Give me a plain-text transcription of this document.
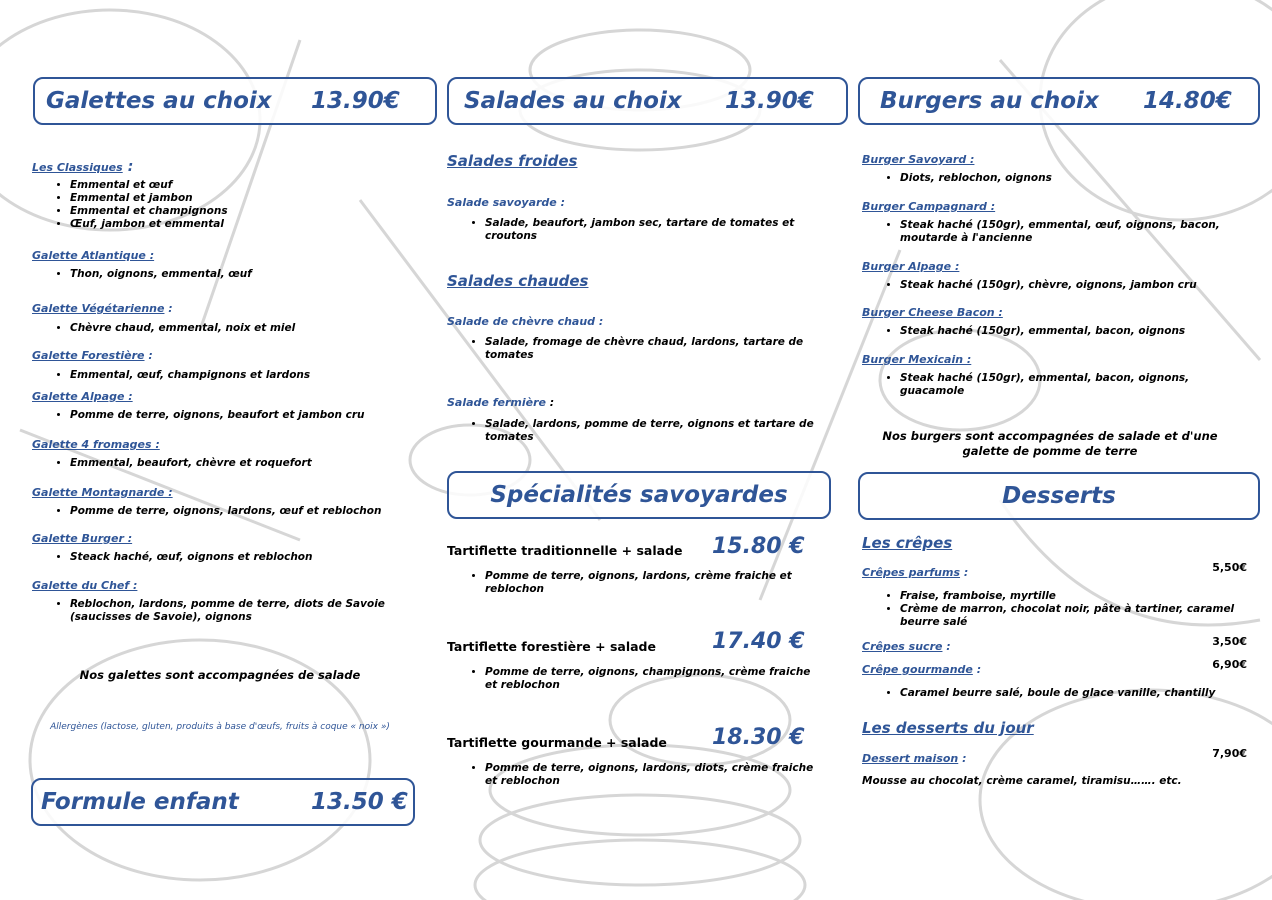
Galettes au choix 13.90€
Les Classiques :
• Emmental et œuf
• Emmental et jambon
• Emmental et champignons
• Œuf, jambon et emmental
Galette Atlantique :
• Thon, oignons, emmental, œuf
Galette Végétarienne :
• Chèvre chaud, emmental, noix et miel
Galette Forestière :
• Emmental, œuf, champignons et lardons
Galette Alpage :
• Pomme de terre, oignons, beaufort et jambon cru
Galette 4 fromages :
• Emmental, beaufort, chèvre et roquefort
Galette Montagnarde :
• Pomme de terre, oignons, lardons, œuf et reblochon
Galette Burger :
• Steack haché, œuf, oignons et reblochon
Galette du Chef :
• Reblochon, lardons, pomme de terre, diots de Savoie (saucisses de Savoie), oignons
Nos galettes sont accompagnées de salade
Allergènes (lactose, gluten, produits à base d'œufs, fruits à coque « noix »)
Formule enfant	13.50 €
Salades au choix 13.90€
Salades froides
Salade savoyarde :
• Salade, beaufort, jambon sec, tartare de tomates et croutons
Salades chaudes
Salade de chèvre chaud :
• Salade, fromage de chèvre chaud, lardons, tartare de tomates
Salade fermière :
• Salade, lardons, pomme de terre, oignons et tartare de tomates
Spécialités savoyardes
Tartiflette traditionnelle + salade 15.80 €
• Pomme de terre, oignons, lardons, crème fraiche et reblochon
Tartiflette forestière + salade	17.40 €
• Pomme de terre, oignons, champignons, crème fraiche et reblochon
Tartiflette gourmande + salade 18.30 €
• Pomme de terre, oignons, lardons, diots, crème fraiche et reblochon
Burgers au choix 14.80€
Burger Savoyard :
• Diots, reblochon, oignons
Burger Campagnard :
• Steak haché (150gr), emmental, œuf, oignons, bacon, moutarde à l'ancienne
Burger Alpage :
• Steak haché (150gr), chèvre, oignons, jambon cru
Burger Cheese Bacon :
• Steak haché (150gr), emmental, bacon, oignons
Burger Mexicain :
• Steak haché (150gr), emmental, bacon, oignons, guacamole
Nos burgers sont accompagnées de salade et d'une galette de pomme de terre
Desserts
Les crêpes
Crêpes parfums :	5,50€
• Fraise, framboise, myrtille
• Crème de marron, chocolat noir, pâte à tartiner, caramel beurre salé
Crêpes sucre :	3,50€
Crêpe gourmande :	6,90€
• Caramel beurre salé, boule de glace vanille, chantilly
Les desserts du jour
Dessert maison :	7,90€
Mousse au chocolat, crème caramel, tiramisu……. etc.
